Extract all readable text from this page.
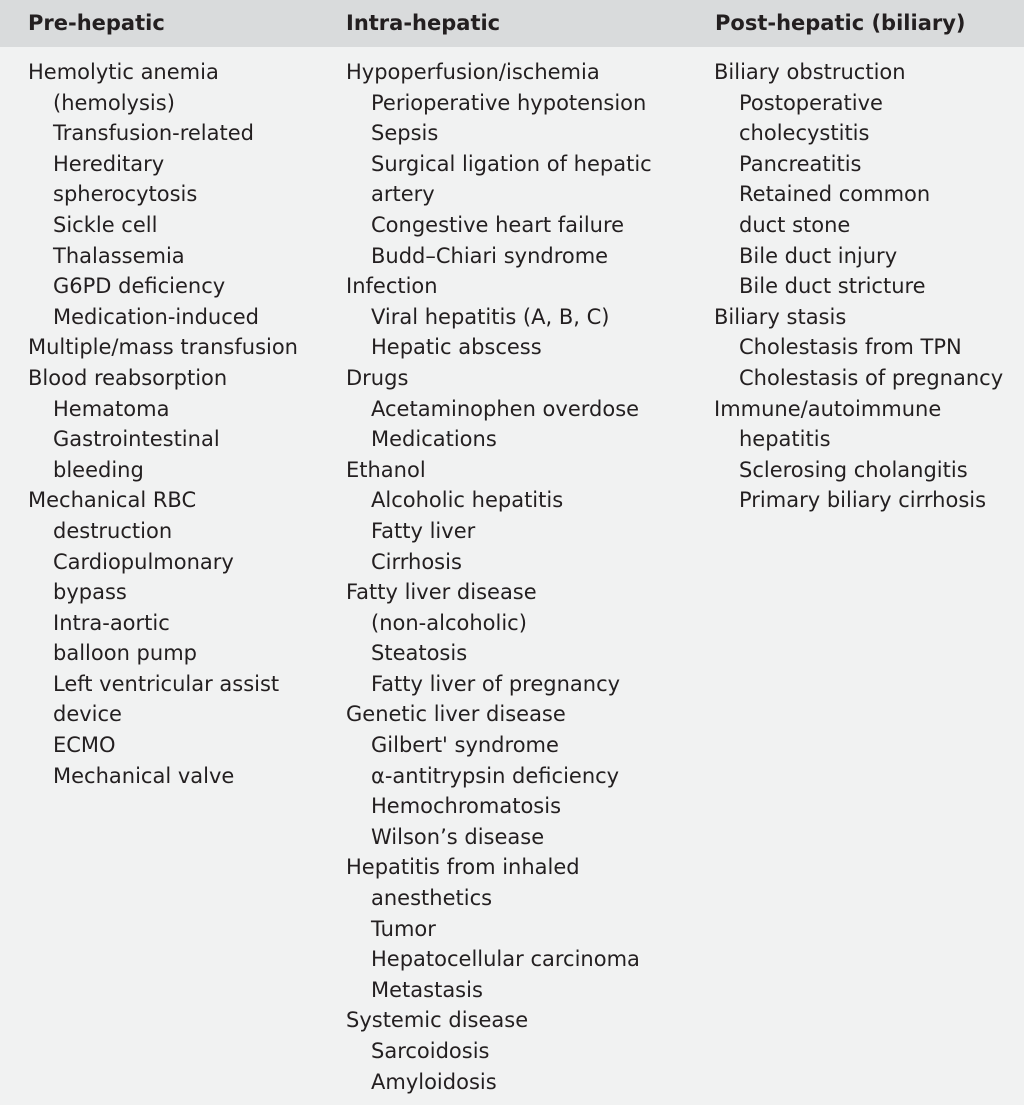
Pre-hepatic	Intra-hepatic	Post-hepatic (biliary)
Hemolytic anemia
(hemolysis)
Transfusion-related
Hereditary
spherocytosis
Sickle cell
Thalassemia
G6PD deficiency
Medication-induced
Multiple/mass transfusion
Blood reabsorption
Hematoma
Gastrointestinal
bleeding
Mechanical RBC
destruction
Cardiopulmonary
bypass
Intra-aortic
balloon pump
Left ventricular assist
device
ECMO
Mechanical valve
Hypoperfusion/ischemia
Perioperative hypotension
Sepsis
Surgical ligation of hepatic
artery
Congestive heart failure
Budd–Chiari syndrome
Infection
Viral hepatitis (A, B, C)
Hepatic abscess
Drugs
Acetaminophen overdose
Medications
Ethanol
Alcoholic hepatitis
Fatty liver
Cirrhosis
Fatty liver disease
(non-alcoholic)
Steatosis
Fatty liver of pregnancy
Genetic liver disease
Gilbert' syndrome
α-antitrypsin deficiency
Hemochromatosis
Wilson’s disease
Hepatitis from inhaled
anesthetics
Tumor
Hepatocellular carcinoma
Metastasis
Systemic disease
Sarcoidosis
Amyloidosis
Biliary obstruction
Postoperative
cholecystitis
Pancreatitis
Retained common
duct stone
Bile duct injury
Bile duct stricture
Biliary stasis
Cholestasis from TPN
Cholestasis of pregnancy
Immune/autoimmune
hepatitis
Sclerosing cholangitis
Primary biliary cirrhosis
